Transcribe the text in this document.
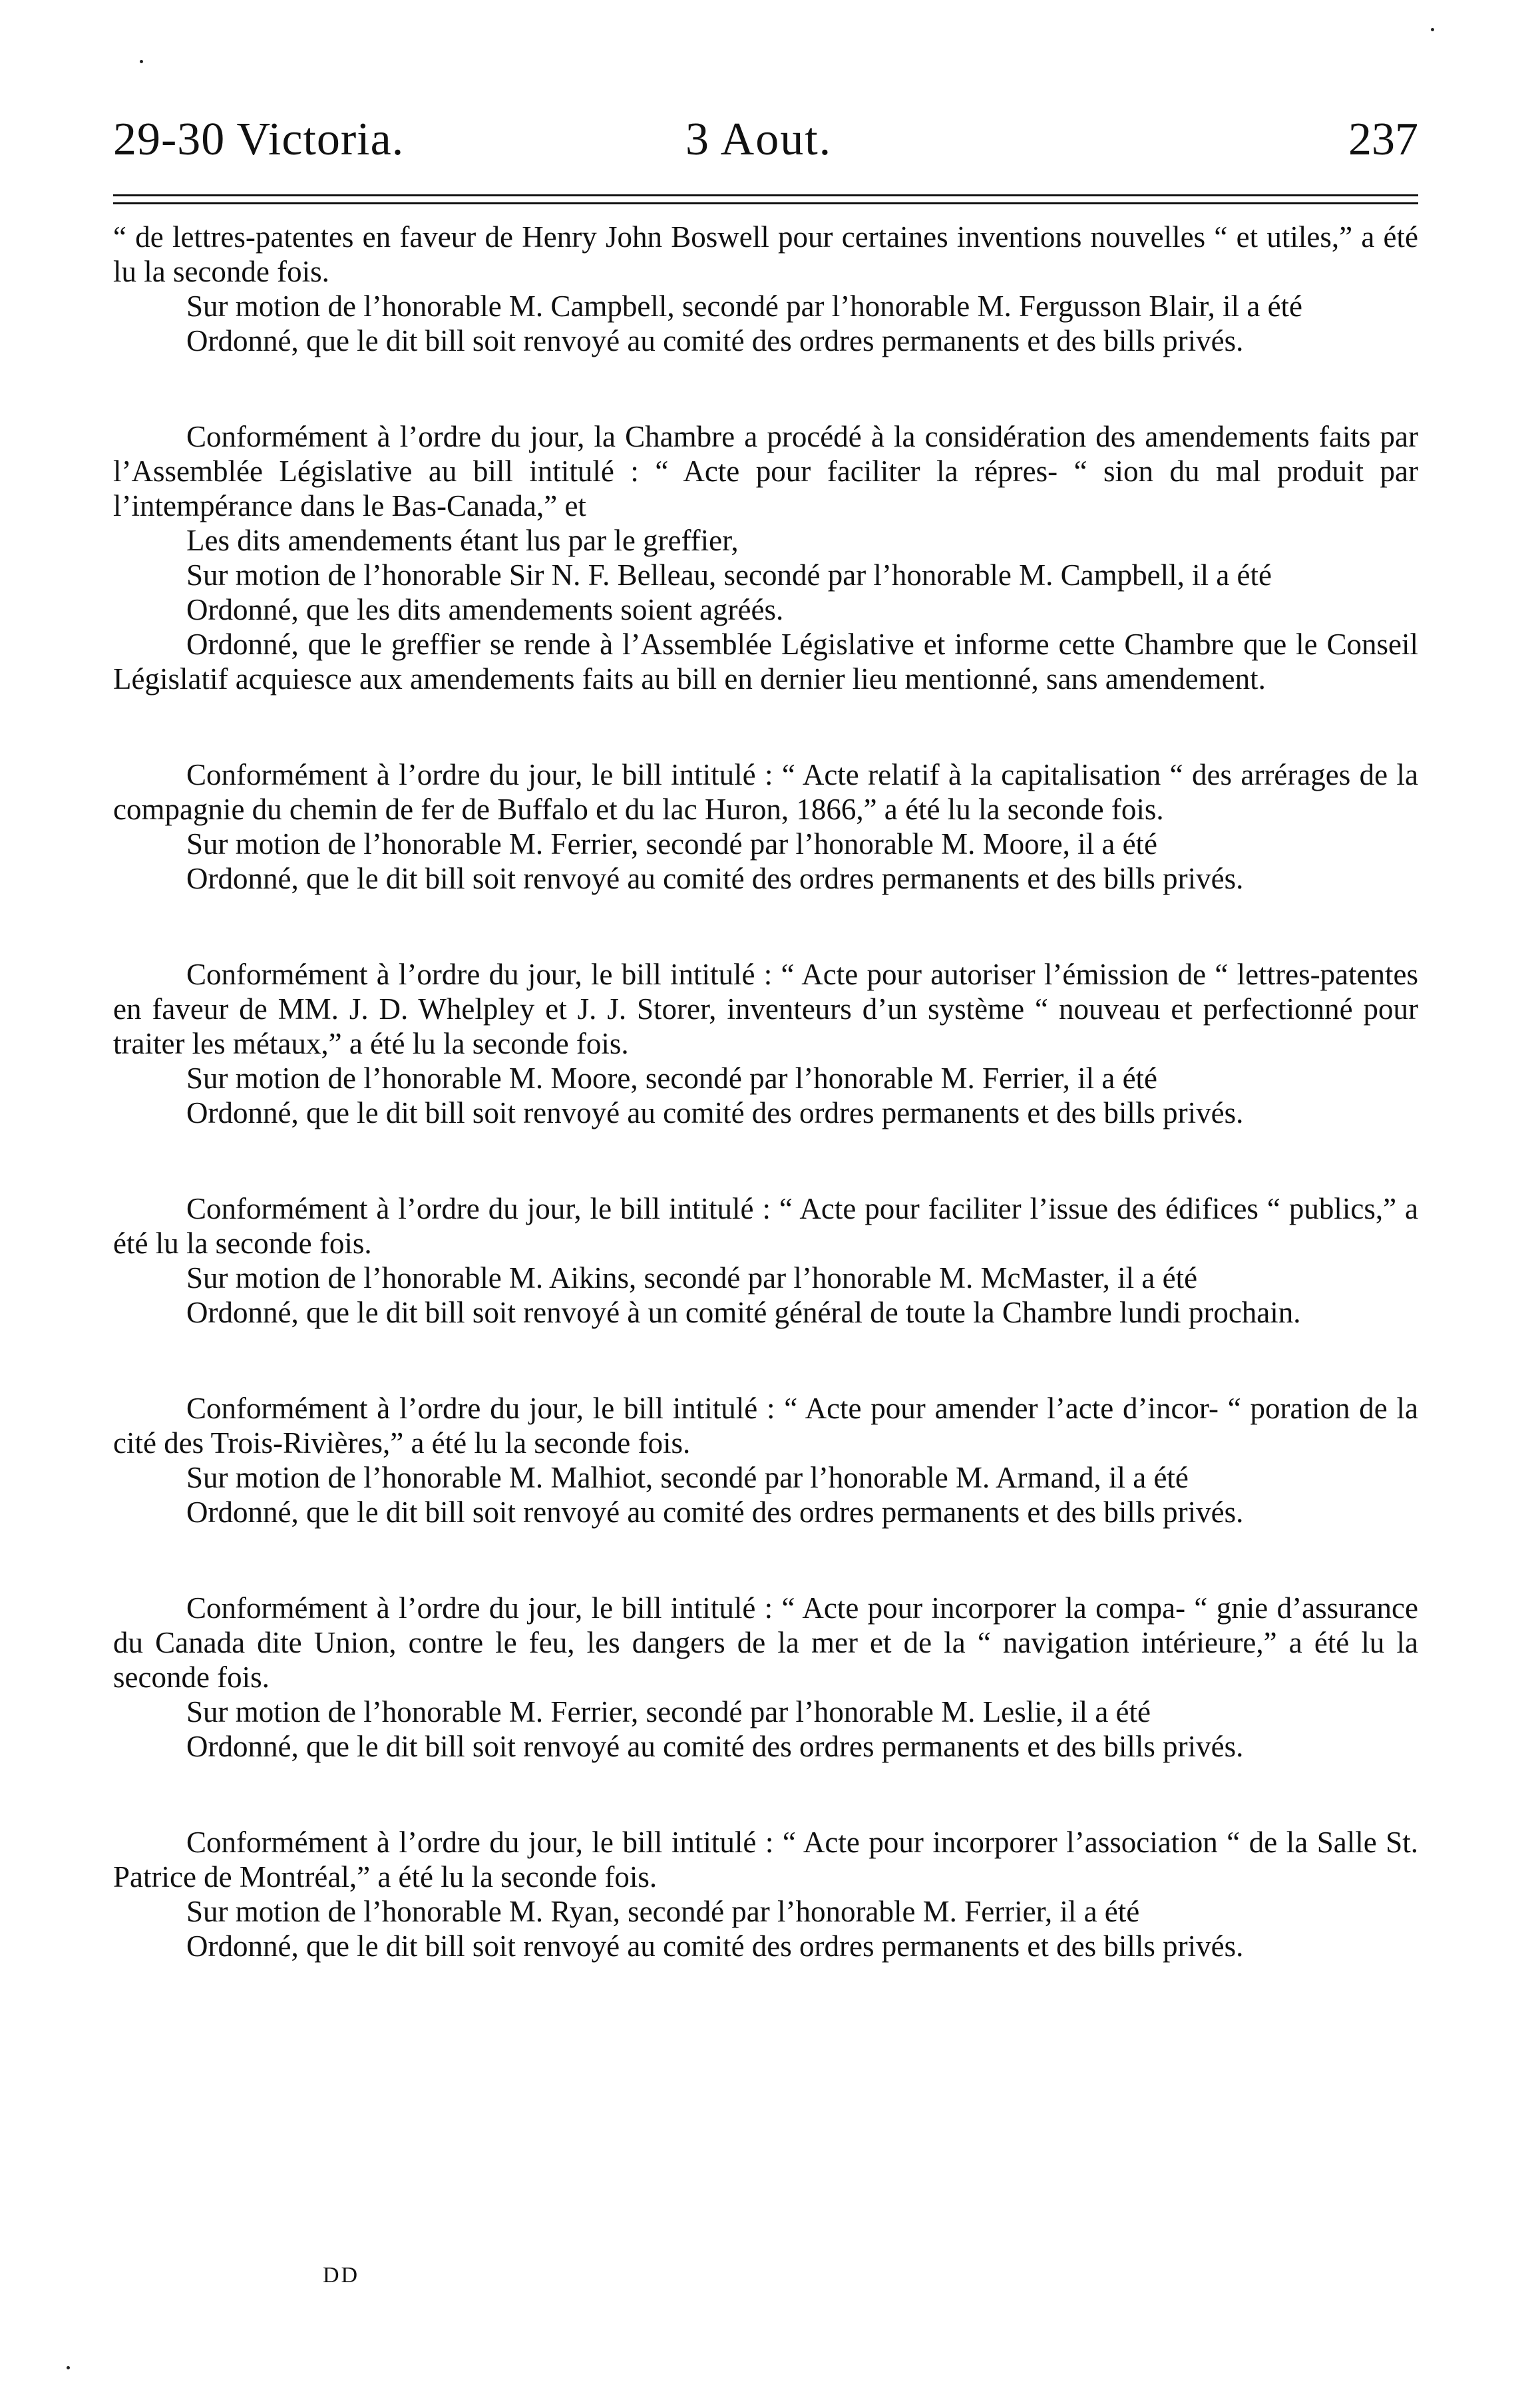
29-30 Victoria.	3 Aout.	237

“ de lettres-patentes en faveur de Henry John Boswell pour certaines inventions nouvelles “ et utiles,” a été lu la seconde fois.

Sur motion de l’honorable M. Campbell, secondé par l’honorable M. Fergusson Blair, il a été

Ordonné, que le dit bill soit renvoyé au comité des ordres permanents et des bills privés.

Conformément à l’ordre du jour, la Chambre a procédé à la considération des amendements faits par l’Assemblée Législative au bill intitulé : “ Acte pour faciliter la répres- “ sion du mal produit par l’intempérance dans le Bas-Canada,” et

Les dits amendements étant lus par le greffier,

Sur motion de l’honorable Sir N. F. Belleau, secondé par l’honorable M. Campbell, il a été

Ordonné, que les dits amendements soient agréés.

Ordonné, que le greffier se rende à l’Assemblée Législative et informe cette Chambre que le Conseil Législatif acquiesce aux amendements faits au bill en dernier lieu mentionné, sans amendement.

Conformément à l’ordre du jour, le bill intitulé : “ Acte relatif à la capitalisation “ des arrérages de la compagnie du chemin de fer de Buffalo et du lac Huron, 1866,” a été lu la seconde fois.

Sur motion de l’honorable M. Ferrier, secondé par l’honorable M. Moore, il a été

Ordonné, que le dit bill soit renvoyé au comité des ordres permanents et des bills privés.

Conformément à l’ordre du jour, le bill intitulé : “ Acte pour autoriser l’émission de “ lettres-patentes en faveur de MM. J. D. Whelpley et J. J. Storer, inventeurs d’un système “ nouveau et perfectionné pour traiter les métaux,” a été lu la seconde fois.

Sur motion de l’honorable M. Moore, secondé par l’honorable M. Ferrier, il a été

Ordonné, que le dit bill soit renvoyé au comité des ordres permanents et des bills privés.

Conformément à l’ordre du jour, le bill intitulé : “ Acte pour faciliter l’issue des édifices “ publics,” a été lu la seconde fois.

Sur motion de l’honorable M. Aikins, secondé par l’honorable M. McMaster, il a été

Ordonné, que le dit bill soit renvoyé à un comité général de toute la Chambre lundi prochain.

Conformément à l’ordre du jour, le bill intitulé : “ Acte pour amender l’acte d’incor- “ poration de la cité des Trois-Rivières,” a été lu la seconde fois.

Sur motion de l’honorable M. Malhiot, secondé par l’honorable M. Armand, il a été

Ordonné, que le dit bill soit renvoyé au comité des ordres permanents et des bills privés.

Conformément à l’ordre du jour, le bill intitulé : “ Acte pour incorporer la compa- “ gnie d’assurance du Canada dite Union, contre le feu, les dangers de la mer et de la “ navigation intérieure,” a été lu la seconde fois.

Sur motion de l’honorable M. Ferrier, secondé par l’honorable M. Leslie, il a été

Ordonné, que le dit bill soit renvoyé au comité des ordres permanents et des bills privés.

Conformément à l’ordre du jour, le bill intitulé : “ Acte pour incorporer l’association “ de la Salle St. Patrice de Montréal,” a été lu la seconde fois.

Sur motion de l’honorable M. Ryan, secondé par l’honorable M. Ferrier, il a été

Ordonné, que le dit bill soit renvoyé au comité des ordres permanents et des bills privés.

DD
